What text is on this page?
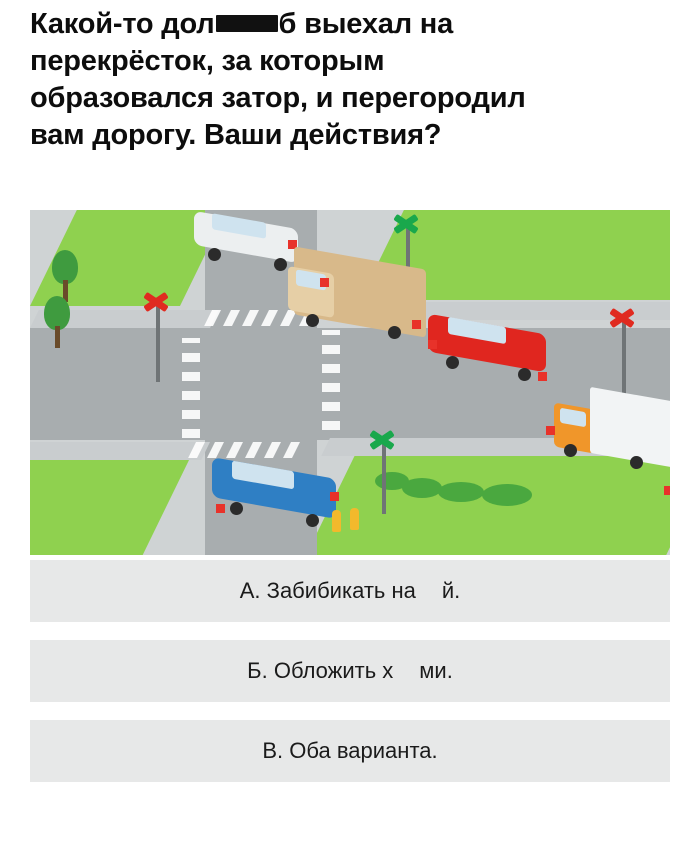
Какой-то дол б выехал на
перекрёсток, за которым
образовался затор, и перегородил
вам дорогу. Ваши действия?
А. Забибикать на й.
Б. Обложить х ми.
В. Оба варианта.
